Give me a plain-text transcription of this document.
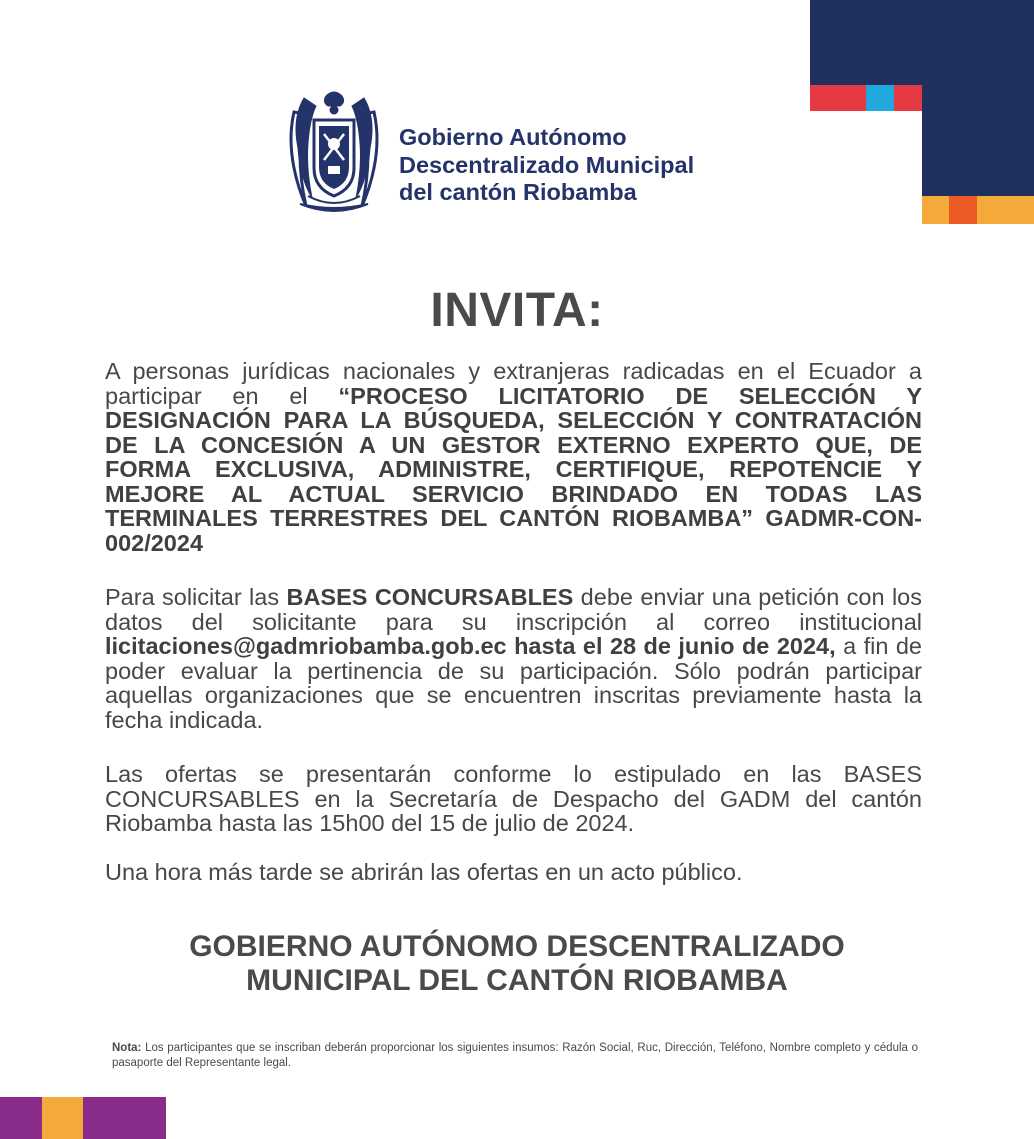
Gobierno Autónomo
Descentralizado Municipal
del cantón Riobamba
INVITA:
A personas jurídicas nacionales y extranjeras radicadas en el Ecuador a participar en el “PROCESO LICITATORIO DE SELECCIÓN Y DESIGNACIÓN PARA LA BÚSQUEDA, SELECCIÓN Y CONTRATACIÓN DE LA CONCESIÓN A UN GESTOR EXTERNO EXPERTO QUE, DE FORMA EXCLUSIVA, ADMINISTRE, CERTIFIQUE, REPOTENCIE Y MEJORE AL ACTUAL SERVICIO BRINDADO EN TODAS LAS TERMINALES TERRESTRES DEL CANTÓN RIOBAMBA” GADMR-CON-002/2024
Para solicitar las BASES CONCURSABLES debe enviar una petición con los datos del solicitante para su inscripción al correo institucional licitaciones@gadmriobamba.gob.ec hasta el 28 de junio de 2024, a fin de poder evaluar la pertinencia de su participación. Sólo podrán participar aquellas organizaciones que se encuentren inscritas previamente hasta la fecha indicada.
Las ofertas se presentarán conforme lo estipulado en las BASES CONCURSABLES en la Secretaría de Despacho del GADM del cantón Riobamba hasta las 15h00 del 15 de julio de 2024.
Una hora más tarde se abrirán las ofertas en un acto público.
GOBIERNO AUTÓNOMO DESCENTRALIZADO
MUNICIPAL DEL CANTÓN RIOBAMBA
Nota: Los participantes que se inscriban deberán proporcionar los siguientes insumos: Razón Social, Ruc, Dirección, Teléfono, Nombre completo y cédula o pasaporte del Representante legal.
